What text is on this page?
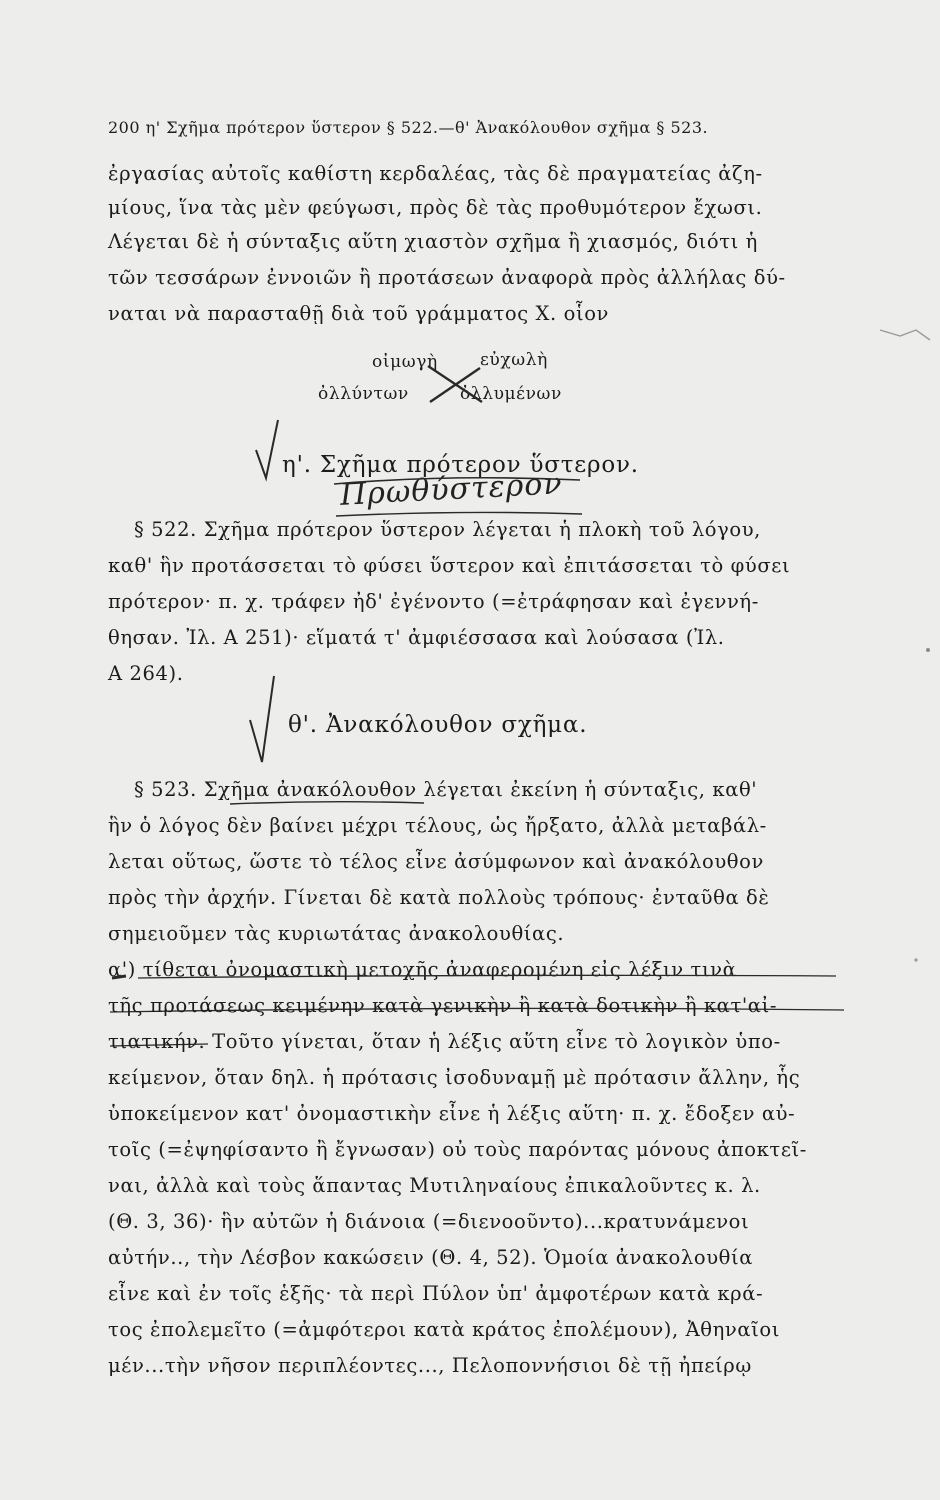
200 η' Σχῆμα πρότερον ὕστερον § 522.—θ' Ἀνακόλουθον σχῆμα § 523.
ἐργασίας αὐτοῖς καθίστη κερδαλέας, τὰς δὲ πραγματείας ἀζη-
μίους, ἵνα τὰς μὲν φεύγωσι, πρὸς δὲ τὰς προθυμότερον ἔχωσι.
Λέγεται δὲ ἡ σύνταξις αὕτη χιαστὸν σχῆμα ἢ χιασμός, διότι ἡ
τῶν τεσσάρων ἐννοιῶν ἢ προτάσεων ἀναφορὰ πρὸς ἀλλήλας δύ-
ναται νὰ παρασταθῇ διὰ τοῦ γράμματος Χ. οἷον
οἰμωγὴ εὐχωλὴ
ὀλλύντων	ὀλλυμένων
η'. Σχῆμα πρότερον ὕστερον.
Πρωθύστερον
§ 522. Σχῆμα πρότερον ὕστερον λέγεται ἡ πλοκὴ τοῦ λόγου,
καθ' ἣν προτάσσεται τὸ φύσει ὕστερον καὶ ἐπιτάσσεται τὸ φύσει
πρότερον· π. χ. τράφεν ἠδ' ἐγένοντο (=ἐτράφησαν καὶ ἐγεννή-
θησαν. Ἰλ. Α 251)· εἵματά τ' ἀμφιέσσασα καὶ λούσασα (Ἰλ.
Α 264).
θ'. Ἀνακόλουθον σχῆμα.
§ 523. Σχῆμα ἀνακόλουθον λέγεται ἐκείνη ἡ σύνταξις, καθ'
ἣν ὁ λόγος δὲν βαίνει μέχρι τέλους, ὡς ἤρξατο, ἀλλὰ μεταβάλ-
λεται οὕτως, ὥστε τὸ τέλος εἶνε ἀσύμφωνον καὶ ἀνακόλουθον
πρὸς τὴν ἀρχήν. Γίνεται δὲ κατὰ πολλοὺς τρόπους· ἐνταῦθα δὲ
σημειοῦμεν τὰς κυριωτάτας ἀνακολουθίας.
α') τίθεται ὀνομαστικὴ μετοχῆς ἀναφερομένη εἰς λέξιν τινὰ
τῆς προτάσεως κειμένην κατὰ γενικὴν ἢ κατὰ δοτικὴν ἢ κατ'αἰ-
τιατικήν. Τοῦτο γίνεται, ὅταν ἡ λέξις αὕτη εἶνε τὸ λογικὸν ὑπο-
κείμενον, ὅταν δηλ. ἡ πρότασις ἰσοδυναμῇ μὲ πρότασιν ἄλλην, ἧς
ὑποκείμενον κατ' ὀνομαστικὴν εἶνε ἡ λέξις αὕτη· π. χ. ἔδοξεν αὐ-
τοῖς (=ἐψηφίσαντο ἢ ἔγνωσαν) οὐ τοὺς παρόντας μόνους ἀποκτεῖ-
ναι, ἀλλὰ καὶ τοὺς ἅπαντας Μυτιληναίους ἐπικαλοῦντες κ. λ.
(Θ. 3, 36)· ἣν αὐτῶν ἡ διάνοια (=διενοοῦντο)...κρατυνάμενοι
αὐτήν.., τὴν Λέσβον κακώσειν (Θ. 4, 52). Ὁμοία ἀνακολουθία
εἶνε καὶ ἐν τοῖς ἑξῆς· τὰ περὶ Πύλον ὑπ' ἀμφοτέρων κατὰ κρά-
τος ἐπολεμεῖτο (=ἀμφότεροι κατὰ κράτος ἐπολέμουν), Ἀθηναῖοι
μέν...τὴν νῆσον περιπλέοντες..., Πελοποννήσιοι δὲ τῇ ἠπείρῳ
